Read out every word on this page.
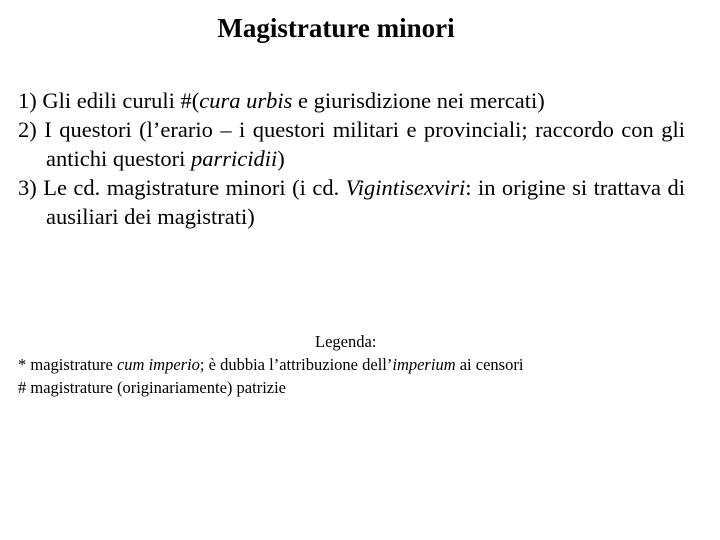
Magistrature minori
1) Gli edili curuli #(cura urbis e giurisdizione nei mercati)
2) I questori (l’erario – i questori militari e provinciali; raccordo con gli antichi questori parricidii)
3) Le cd. magistrature minori (i cd. Vigintisexviri: in origine si trattava di ausiliari dei magistrati)
Legenda:
* magistrature cum imperio; è dubbia l’attribuzione dell’imperium ai censori
# magistrature (originariamente) patrizie
